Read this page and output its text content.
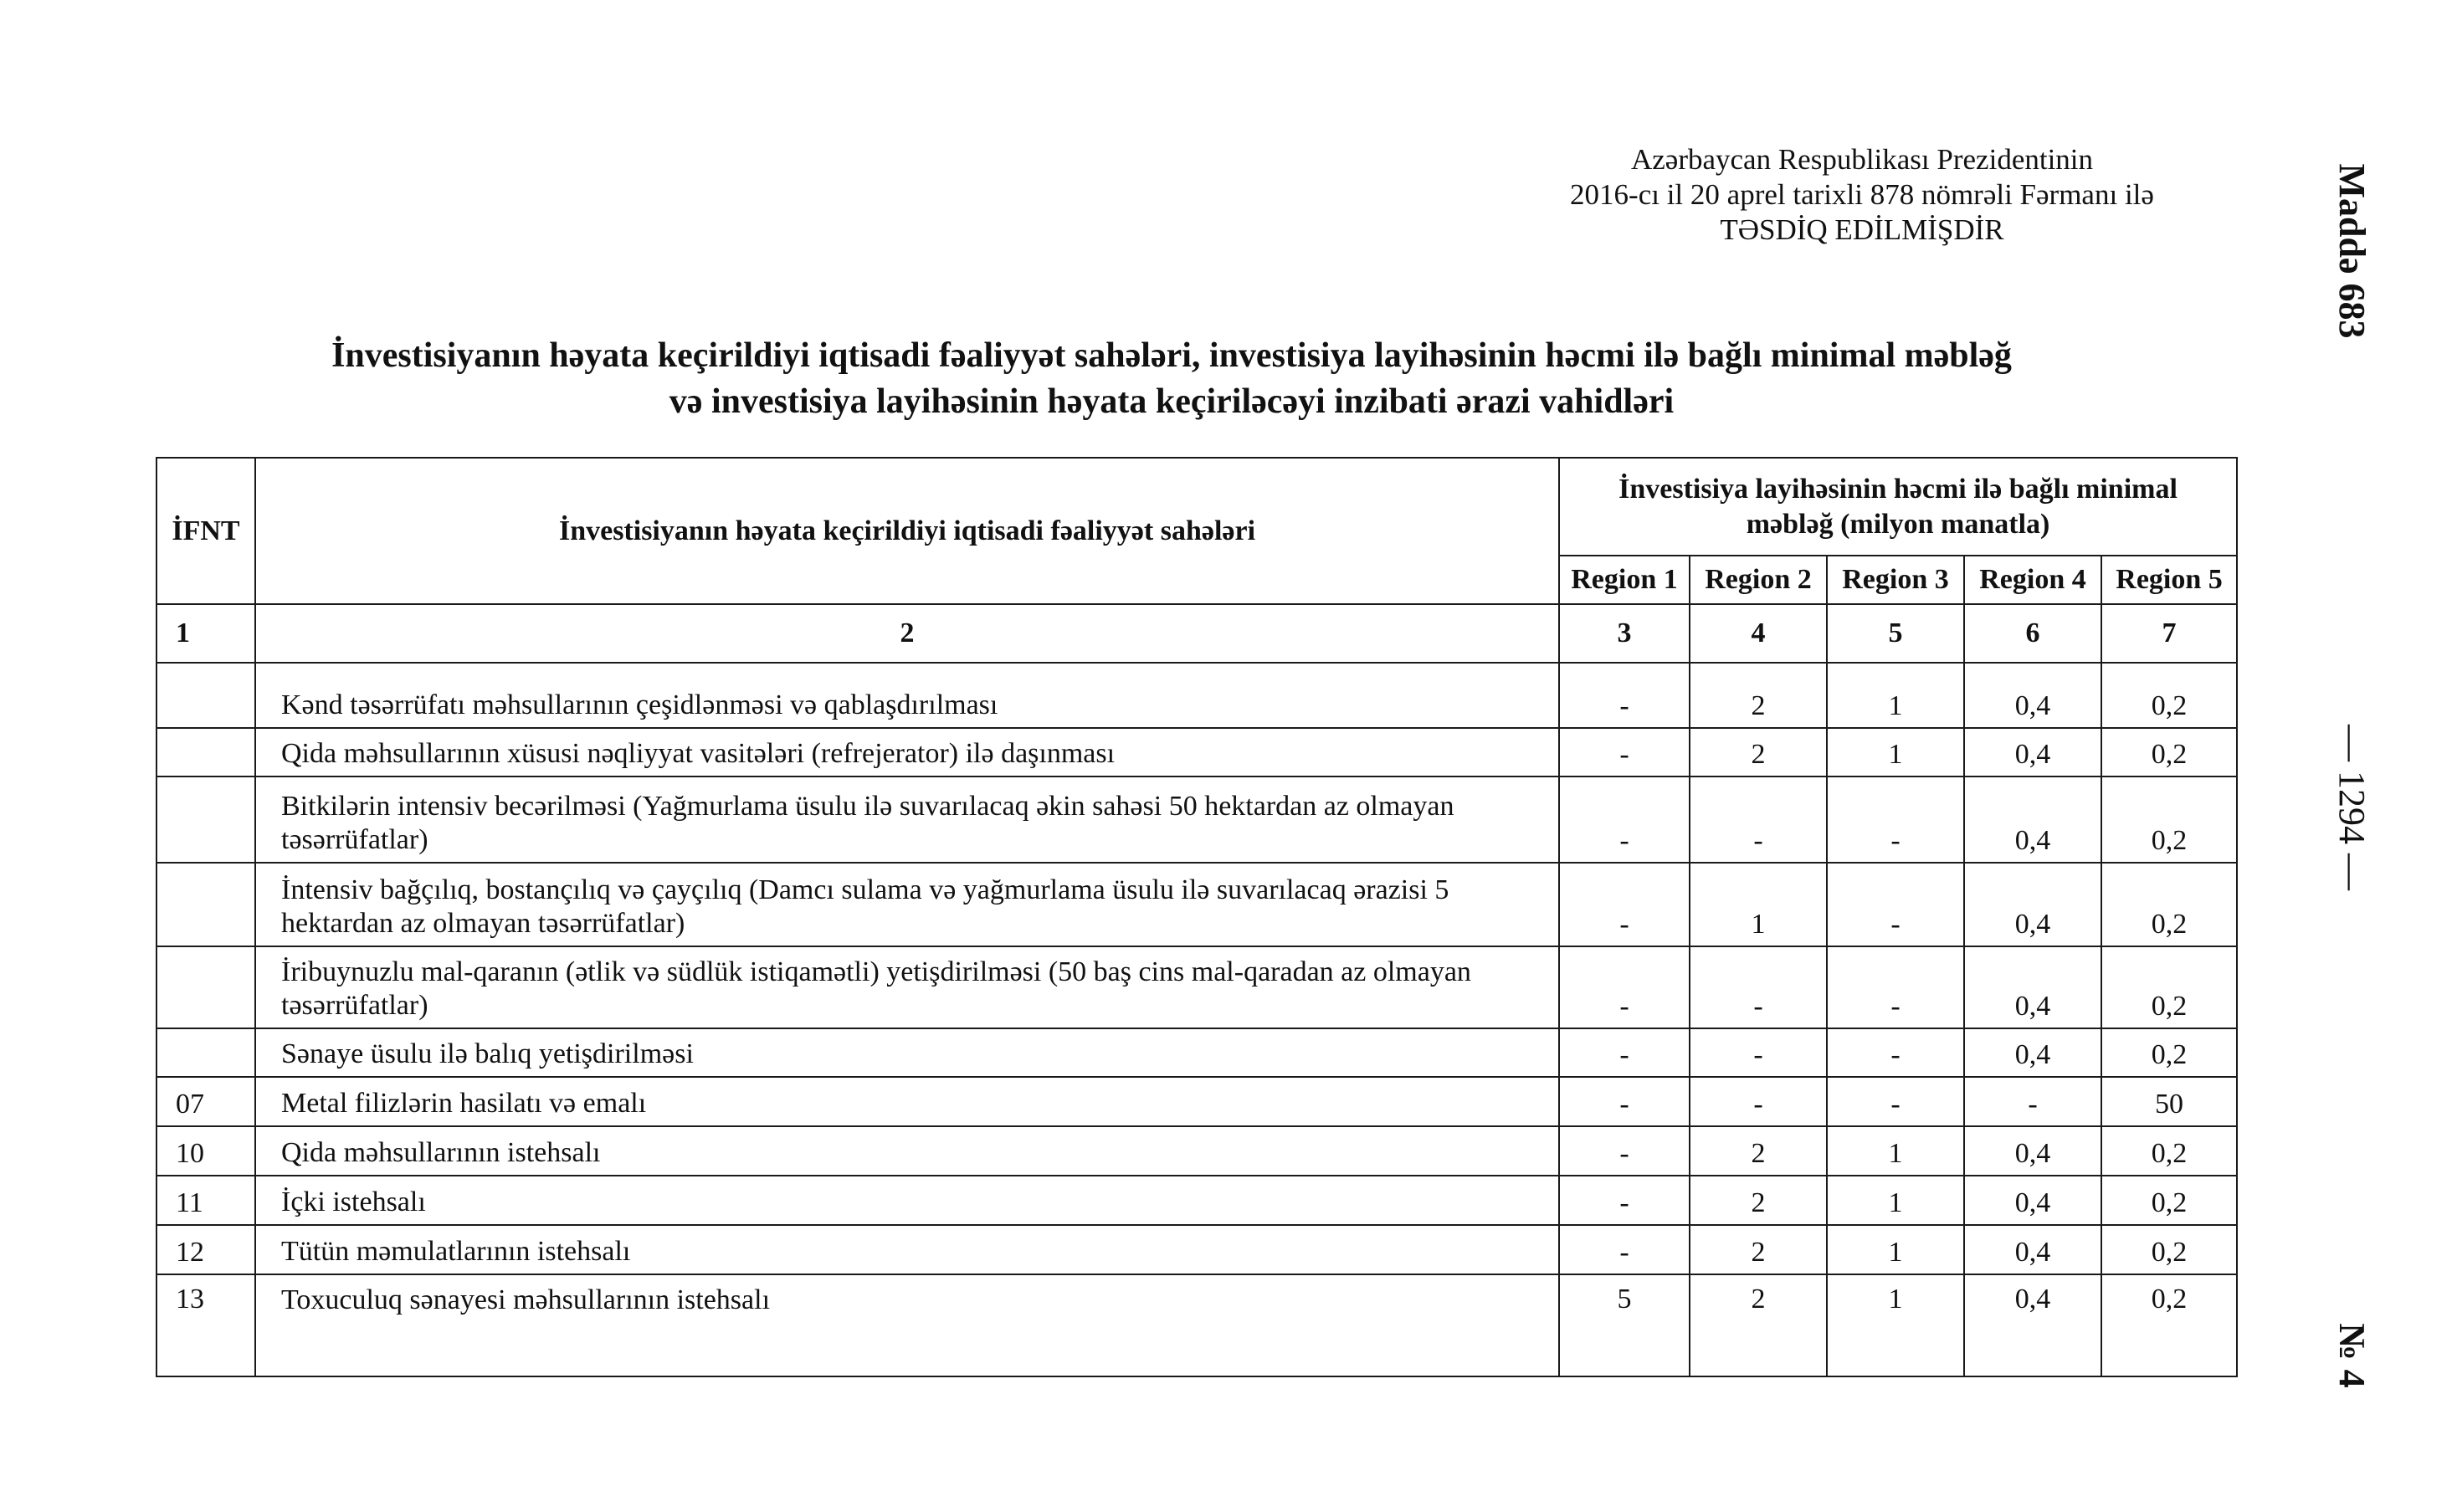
Azərbaycan Respublikası Prezidentinin
2016-cı il 20 aprel tarixli 878 nömrəli Fərmanı ilə
TƏSDİQ EDİLMİŞDİR
İnvestisiyanın həyata keçirildiyi iqtisadi fəaliyyət sahələri, investisiya layihəsinin həcmi ilə bağlı minimal məbləğ
və investisiya layihəsinin həyata keçiriləcəyi inzibati ərazi vahidləri
Maddə 683
— 1294 —
№ 4
İFNT	İnvestisiyanın həyata keçirildiyi iqtisadi fəaliyyət sahələri	İnvestisiya layihəsinin həcmi ilə bağlı minimal
məbləğ (milyon manatla)				

		Region 1	Region 2	Region 3	Region 4	Region 5
1	2	3	4	5	6	7
	Kənd təsərrüfatı məhsullarının çeşidlənməsi və qablaşdırılması	-	2	1	0,4	0,2
	Qida məhsullarının xüsusi nəqliyyat vasitələri (refrejerator) ilə daşınması	-	2	1	0,4	0,2
	Bitkilərin intensiv becərilməsi (Yağmurlama üsulu ilə suvarılacaq əkin sahəsi 50 hektardan az olmayan təsərrüfatlar)	-	-	-	0,4	0,2
	İntensiv bağçılıq, bostançılıq və çayçılıq (Damcı sulama və yağmurlama üsulu ilə suvarılacaq ərazisi 5 hektardan az olmayan təsərrüfatlar)	-	1	-	0,4	0,2
	İribuynuzlu mal-qaranın (ətlik və südlük istiqamətli) yetişdirilməsi (50 baş cins mal-qaradan az olmayan təsərrüfatlar)	-	-	-	0,4	0,2
	Sənaye üsulu ilə balıq yetişdirilməsi	-	-	-	0,4	0,2
07	Metal filizlərin hasilatı və emalı	-	-	-	-	50
10	Qida məhsullarının istehsalı	-	2	1	0,4	0,2
11	İçki istehsalı	-	2	1	0,4	0,2
12	Tütün məmulatlarının istehsalı	-	2	1	0,4	0,2
13	Toxuculuq sənayesi məhsullarının istehsalı	5	2	1	0,4	0,2
